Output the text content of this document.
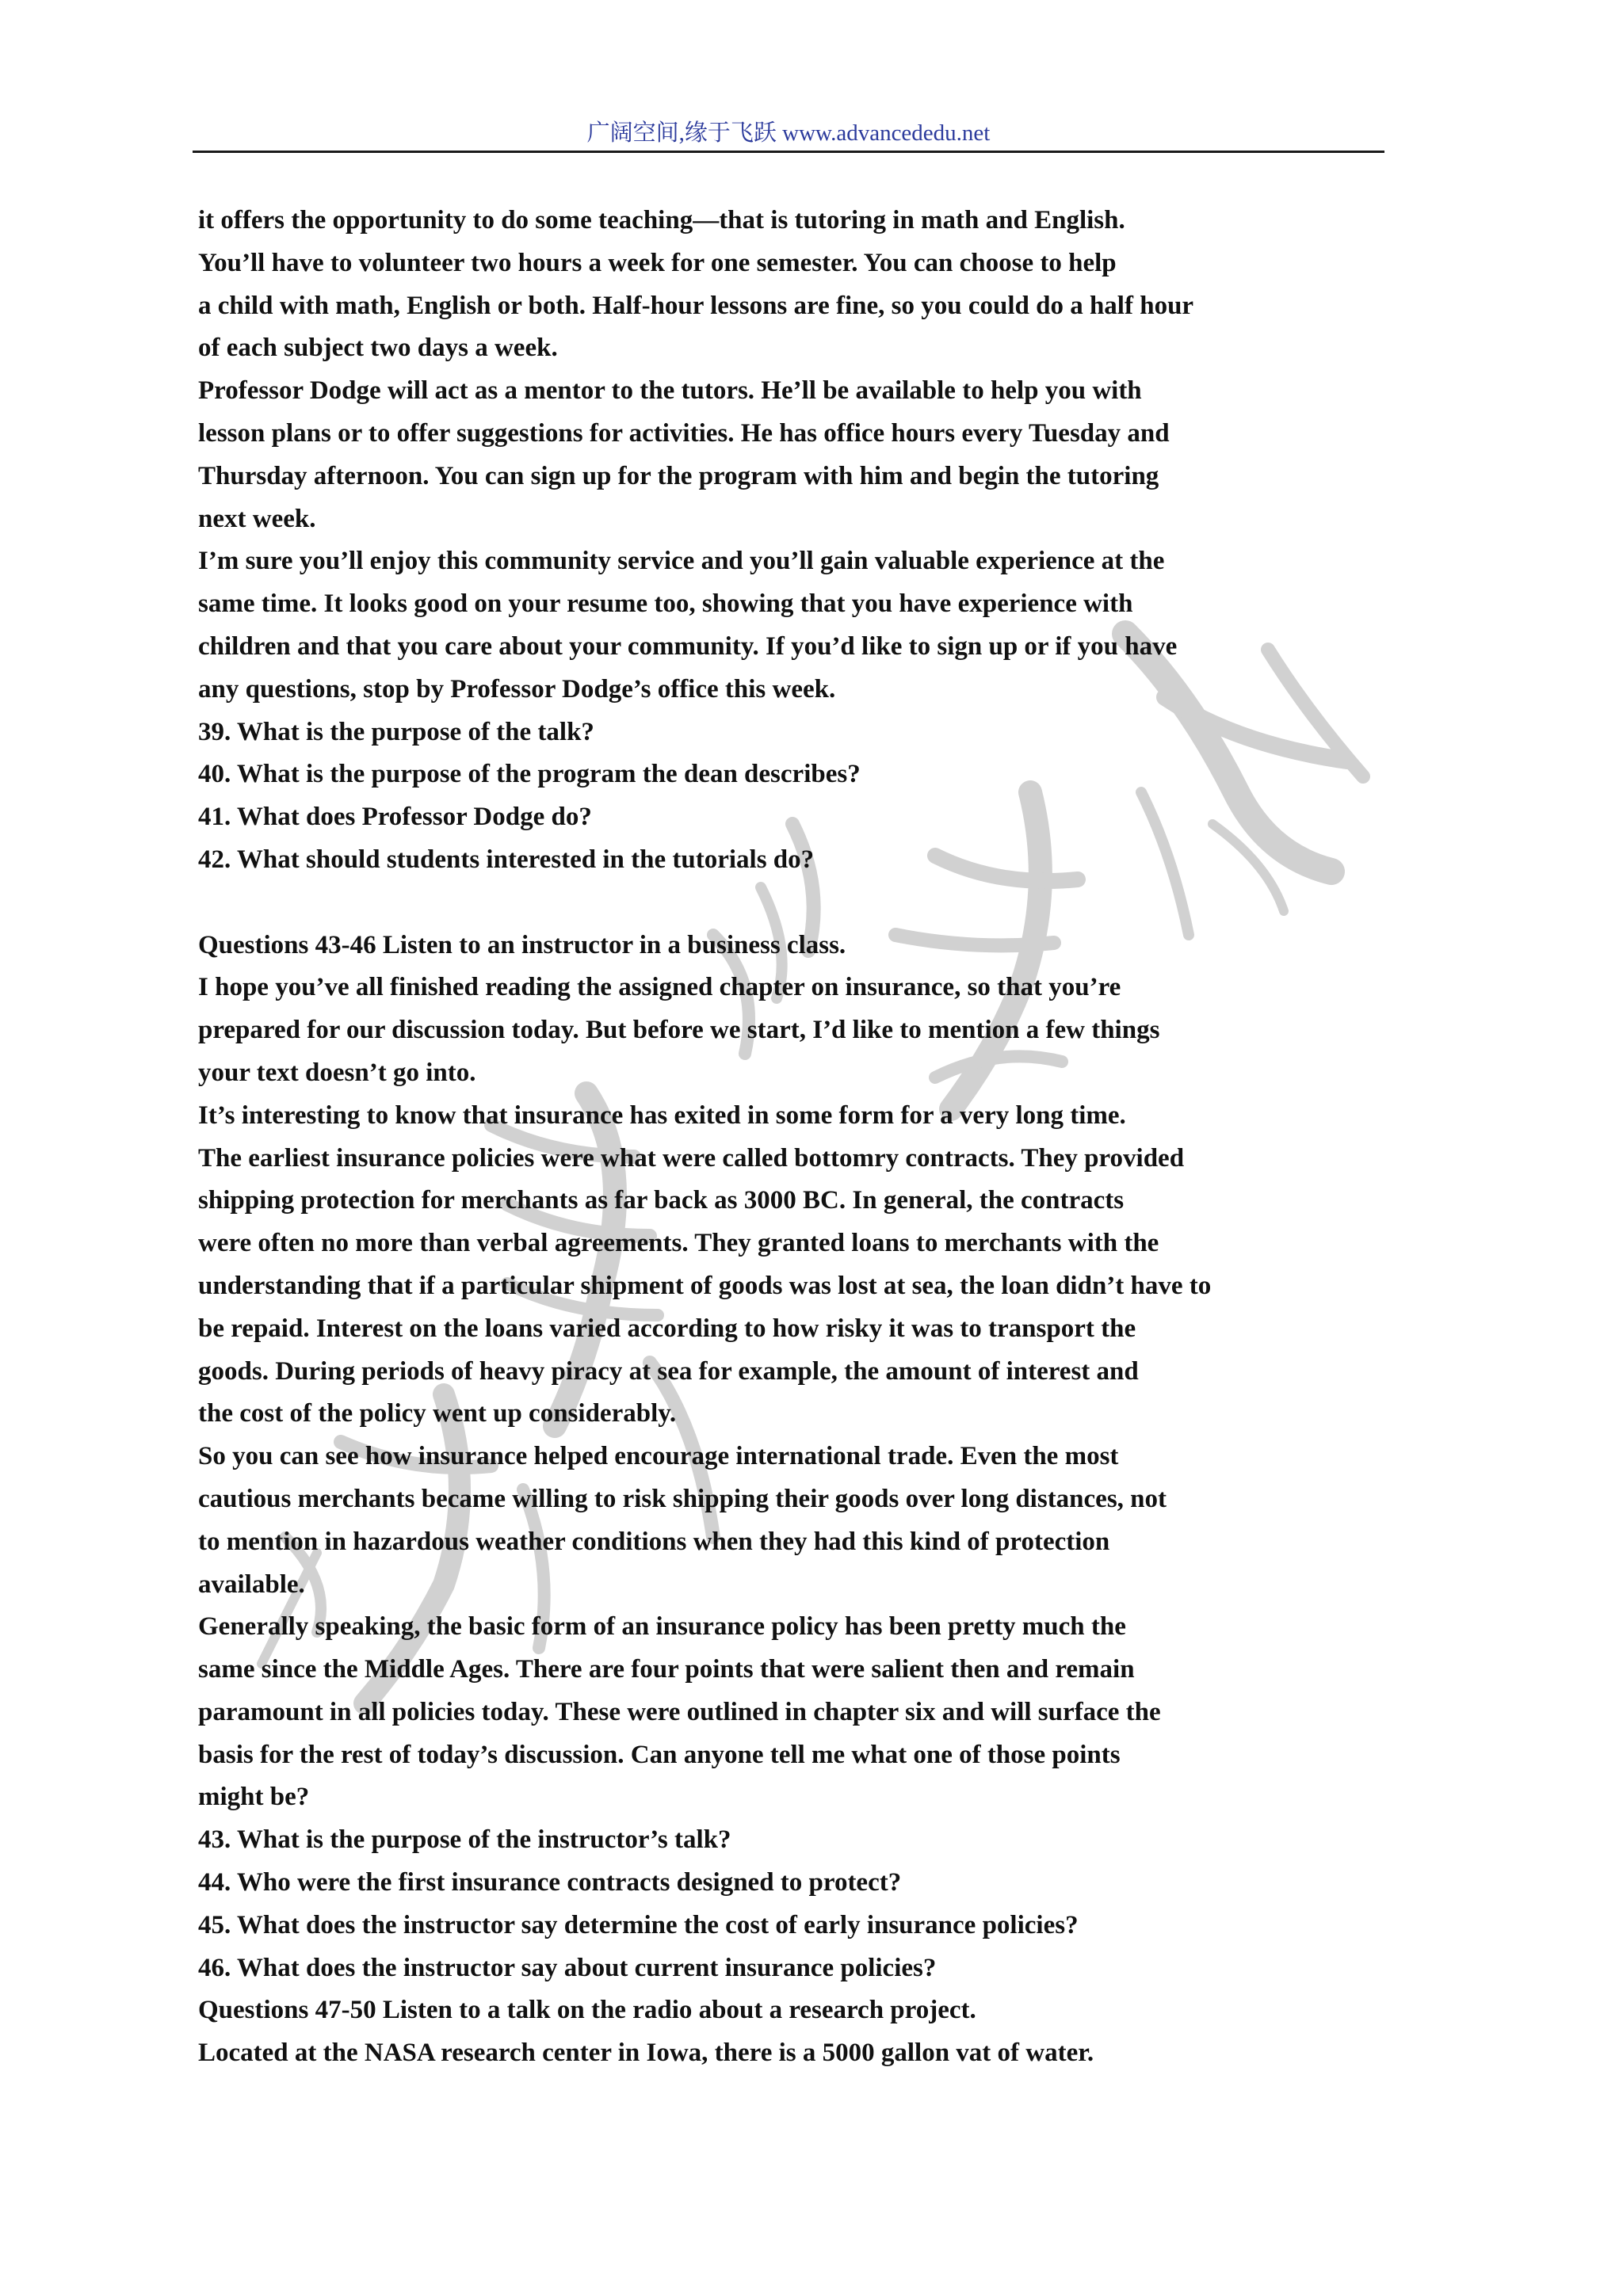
广阔空间,缘于飞跃 www.advancededu.net
it offers the opportunity to do some teaching—that is tutoring in math and English.
You’ll have to volunteer two hours a week for one semester. You can choose to help
a child with math, English or both. Half-hour lessons are fine, so you could do a half hour
of each subject two days a week.
Professor Dodge will act as a mentor to the tutors. He’ll be available to help you with
lesson plans or to offer suggestions for activities. He has office hours every Tuesday and
Thursday afternoon. You can sign up for the program with him and begin the tutoring
next week.
I’m sure you’ll enjoy this community service and you’ll gain valuable experience at the
same time. It looks good on your resume too, showing that you have experience with
children and that you care about your community. If you’d like to sign up or if you have
any questions, stop by Professor Dodge’s office this week.
39. What is the purpose of the talk?
40. What is the purpose of the program the dean describes?
41. What does Professor Dodge do?
42. What should students interested in the tutorials do?

Questions 43-46 Listen to an instructor in a business class.
I hope you’ve all finished reading the assigned chapter on insurance, so that you’re
prepared for our discussion today. But before we start, I’d like to mention a few things
your text doesn’t go into.
It’s interesting to know that insurance has exited in some form for a very long time.
The earliest insurance policies were what were called bottomry contracts. They provided
shipping protection for merchants as far back as 3000 BC. In general, the contracts
were often no more than verbal agreements. They granted loans to merchants with the
understanding that if a particular shipment of goods was lost at sea, the loan didn’t have to
be repaid. Interest on the loans varied according to how risky it was to transport the
goods. During periods of heavy piracy at sea for example, the amount of interest and
the cost of the policy went up considerably.
So you can see how insurance helped encourage international trade. Even the most
cautious merchants became willing to risk shipping their goods over long distances, not
to mention in hazardous weather conditions when they had this kind of protection
available.
Generally speaking, the basic form of an insurance policy has been pretty much the
same since the Middle Ages. There are four points that were salient then and remain
paramount in all policies today. These were outlined in chapter six and will surface the
basis for the rest of today’s discussion. Can anyone tell me what one of those points
might be?
43. What is the purpose of the instructor’s talk?
44. Who were the first insurance contracts designed to protect?
45. What does the instructor say determine the cost of early insurance policies?
46. What does the instructor say about current insurance policies?
Questions 47-50 Listen to a talk on the radio about a research project.
Located at the NASA research center in Iowa, there is a 5000 gallon vat of water.
